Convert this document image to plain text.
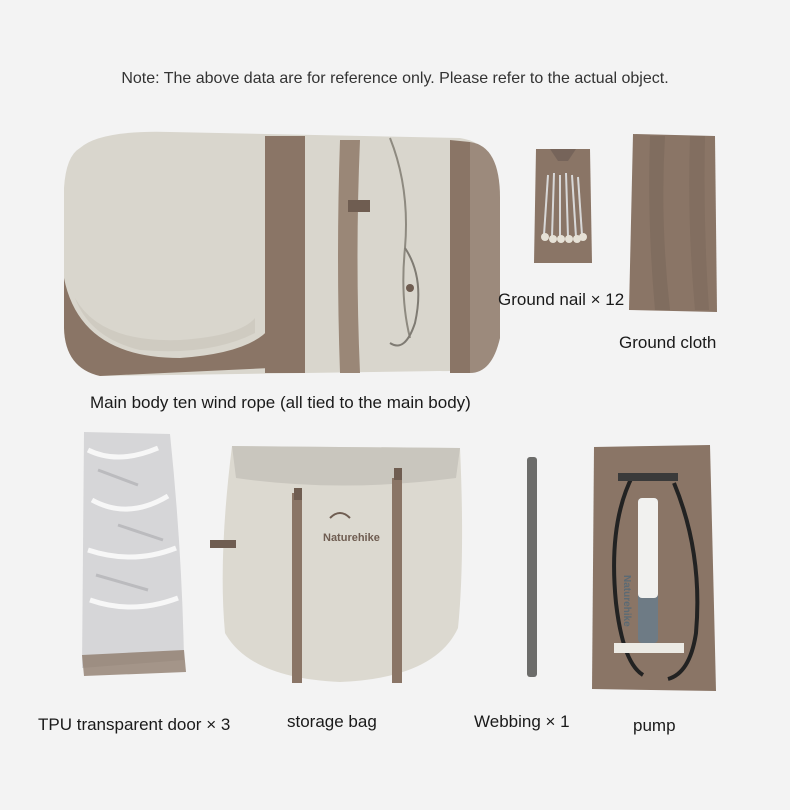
Note: The above data are for reference only. Please refer to the actual object.
Naturehike
Naturehike
Main body ten wind rope (all tied to the main body)
Ground nail × 12
Ground cloth
TPU transparent door × 3	storage bag	Webbing × 1	pump
